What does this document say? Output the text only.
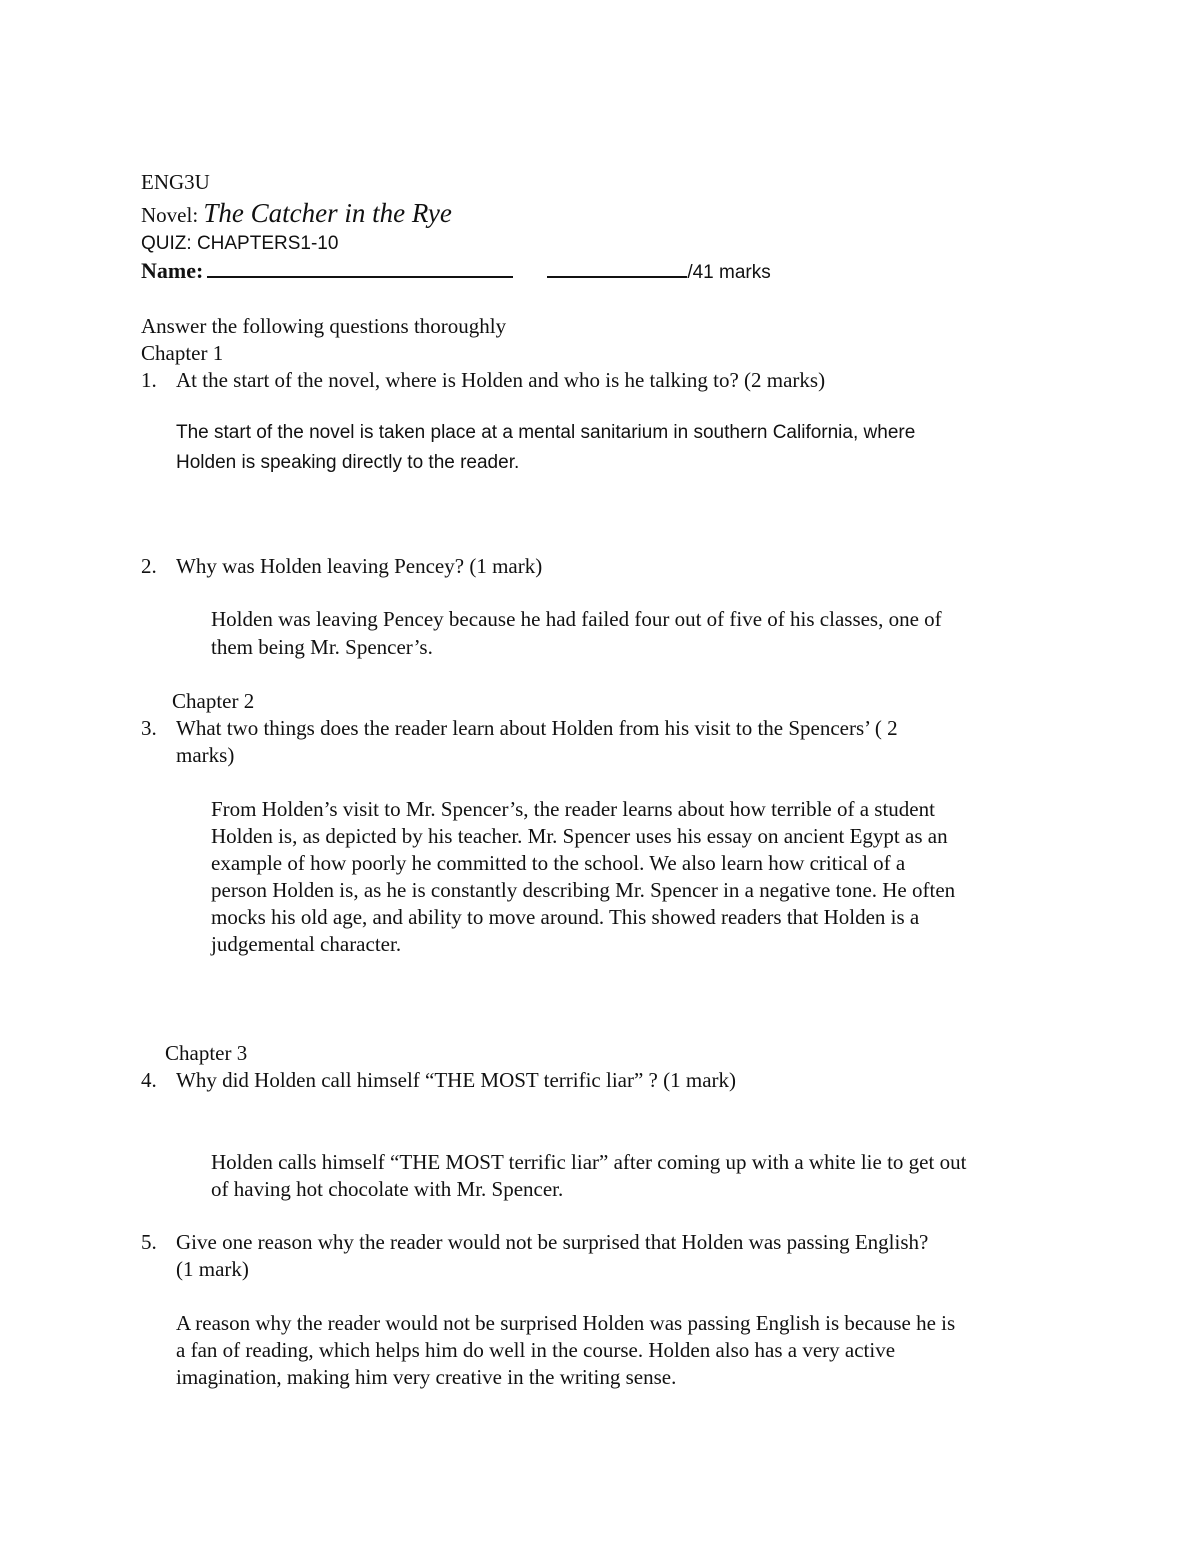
ENG3U
Novel: The Catcher in the Rye
QUIZ: CHAPTERS1-10
Name:	/41 marks
Answer the following questions thoroughly
Chapter 1
1. At the start of the novel, where is Holden and who is he talking to? (2 marks)
The start of the novel is taken place at a mental sanitarium in southern California, where
Holden is speaking directly to the reader.
2. Why was Holden leaving Pencey? (1 mark)
Holden was leaving Pencey because he had failed four out of five of his classes, one of
them being Mr. Spencer’s.
Chapter 2
3. What two things does the reader learn about Holden from his visit to the Spencers’ ( 2
marks)
From Holden’s visit to Mr. Spencer’s, the reader learns about how terrible of a student
Holden is, as depicted by his teacher. Mr. Spencer uses his essay on ancient Egypt as an
example of how poorly he committed to the school. We also learn how critical of a
person Holden is, as he is constantly describing Mr. Spencer in a negative tone. He often
mocks his old age, and ability to move around. This showed readers that Holden is a
judgemental character.
Chapter 3
4. Why did Holden call himself “THE MOST terrific liar” ? (1 mark)
Holden calls himself “THE MOST terrific liar” after coming up with a white lie to get out
of having hot chocolate with Mr. Spencer.
5. Give one reason why the reader would not be surprised that Holden was passing English?
(1 mark)
A reason why the reader would not be surprised Holden was passing English is because he is
a fan of reading, which helps him do well in the course. Holden also has a very active
imagination, making him very creative in the writing sense.
